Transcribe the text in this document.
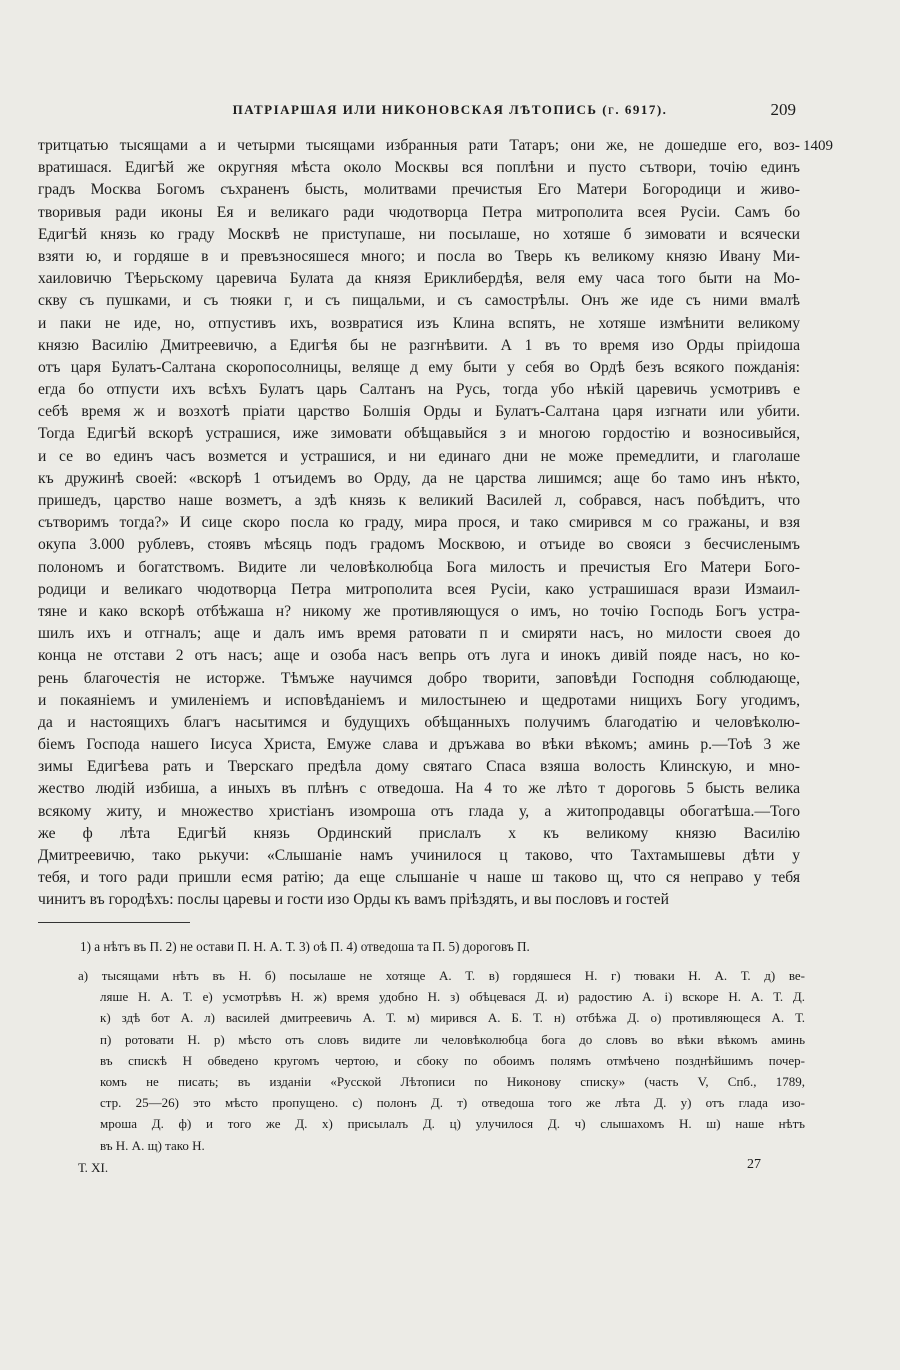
ПАТРІАРШАЯ ИЛИ НИКОНОВСКАЯ ЛѢТОПИСЬ (г. 6917).	209
1409
тритцатью тысящами а и четырми тысящами избранныя рати Татаръ; они же, не дошедше его, воз-
вратишася. Едигѣй же округняя мѣста около Москвы вся поплѣни и пусто сътвори, точію единъ
градъ Москва Богомъ съхраненъ бысть, молитвами пречистыя Его Матери Богородици и живо-
творивыя ради иконы Ея и великаго ради чюдотворца Петра митрополита всея Русіи. Самъ бо
Едигѣй князь ко граду Москвѣ не приступаше, ни посылаше, но хотяше б зимовати и всячески
взяти ю, и гордяше в и превъзносяшеся много; и посла во Тверь къ великому князю Ивану Ми-
хаиловичю Тѣерьскому царевича Булата да князя Ериклибердѣя, веля ему часа того быти на Мо-
скву съ пушками, и съ тюяки г, и съ пищальми, и съ самострѣлы. Онъ же иде съ ними вмалѣ
и паки не иде, но, отпустивъ ихъ, возвратися изъ Клина вспять, не хотяше измѣнити великому
князю Василію Дмитреевичю, а Едигѣя бы не разгнѣвити. А 1 въ то время изо Орды пріидоша
отъ царя Булатъ-Салтана скоропосолницы, веляще д ему быти у себя во Ордѣ безъ всякого пожданія:
егда бо отпусти ихъ всѣхъ Булатъ царь Салтанъ на Русь, тогда убо нѣкій царевичь усмотривъ е
себѣ время ж и возхотѣ пріати царство Болшія Орды и Булатъ-Салтана царя изгнати или убити.
Тогда Едигѣй вскорѣ устрашися, иже зимовати обѣщавыйся з и многою гордостію и возносивыйся,
и се во единъ часъ возмется и устрашися, и ни единаго дни не може премедлити, и глаголаше
къ дружинѣ своей: «вскорѣ 1 отъидемъ во Орду, да не царства лишимся; аще бо тамо инъ нѣкто,
пришедъ, царство наше возметъ, а здѣ князь к великий Василей л, собрався, насъ побѣдитъ, что
сътворимъ тогда?» И сице скоро посла ко граду, мира прося, и тако смирився м со гражаны, и взя
окупа 3.000 рублевъ, стоявъ мѣсяць подъ градомъ Москвою, и отъиде во свояси з бесчисленымъ
полономъ и богатствомъ. Видите ли человѣколюбца Бога милость и пречистыя Его Матери Бого-
родици и великаго чюдотворца Петра митрополита всея Русіи, како устрашишася врази Измаил-
тяне и како вскорѣ отбѣжаша н? никому же противляющуся о имъ, но точію Господь Богъ устра-
шилъ ихъ и отгналъ; аще и далъ имъ время ратовати п и смиряти насъ, но милости своея до
конца не отстави 2 отъ насъ; аще и озоба насъ вепрь отъ луга и инокъ дивій пояде насъ, но ко-
рень благочестія не исторже. Тѣмъже научимся добро творити, заповѣди Господня соблюдающе,
и покаяніемъ и умиленіемъ и исповѣданіемъ и милостынею и щедротами нищихъ Богу угодимъ,
да и настоящихъ благъ насытимся и будущихъ обѣщанныхъ получимъ благодатію и человѣколю-
біемъ Господа нашего Іисуса Христа, Емуже слава и дръжава во вѣки вѣкомъ; аминь р.—Тоѣ 3 же
зимы Едигѣева рать и Тверскаго предѣла дому святаго Спаса взяша волость Клинскую, и мно-
жество людій избиша, а иныхъ въ плѣнъ с отведоша. На 4 то же лѣто т дороговь 5 бысть велика
всякому житу, и множество христіанъ изомроша отъ глада у, а житопродавцы обогатѣша.—Того
же ф лѣта Едигѣй князь Ординский прислалъ х къ великому князю Василію
Дмитреевичю, тако рькучи: «Слышаніе намъ учинилося ц таково, что Тахтамышевы дѣти у
тебя, и того ради пришли есмя ратію; да еще слышаніе ч наше ш таково щ, что ся неправо у тебя
чинитъ въ городѣхъ: послы царевы и гости изо Орды къ вамъ пріѣздять, и вы пословъ и гостей
1) а нѣтъ въ П. 2) не остави П. Н. А. Т. 3) оѣ П. 4) отведоша та П. 5) дороговъ П.
а) тысящами нѣтъ въ Н. б) посылаше не хотяще А. Т. в) гордяшеся Н. г) тюваки Н. А. Т. д) ве-
ляше Н. А. Т. е) усмотрѣвъ Н. ж) время удобно Н. з) обѣцевася Д. и) радостию А. і) вскоре Н. А. Т. Д.
к) здѣ бот А. л) василей дмитреевичь А. Т. м) мирився А. Б. Т. н) отбѣжа Д. о) противляющеся А. Т.
п) ротовати Н. р) мѣсто отъ словъ видите ли человѣколюбца бога до словъ во вѣки вѣкомъ аминь
въ спискѣ Н обведено кругомъ чертою, и сбоку по обоимъ полямъ отмѣчено позднѣйшимъ почер-
комъ не писать; въ изданіи «Русской Лѣтописи по Никонову списку» (часть V, Спб., 1789,
стр. 25—26) это мѣсто пропущено. с) полонъ Д. т) отведоша того же лѣта Д. у) отъ глада изо-
мроша Д. ф) и того же Д. х) присылалъ Д. ц) улучилося Д. ч) слышахомъ Н. ш) наше нѣтъ
въ Н. А. щ) тако Н.
Т. XI.	27
